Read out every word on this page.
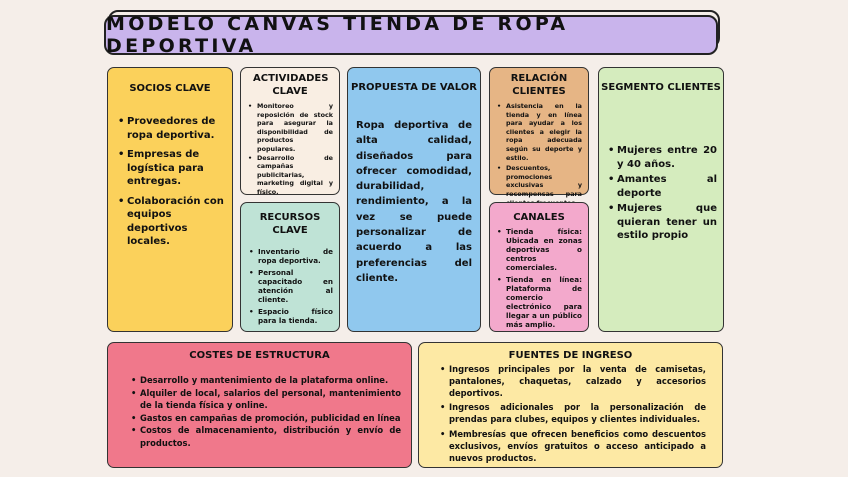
MODELO CANVAS TIENDA DE ROPA DEPORTIVA
SOCIOS CLAVE
• Proveedores de ropa deportiva.
• Empresas de logística para entregas.
• Colaboración con equipos deportivos locales.
ACTIVIDADES CLAVE
• Monitoreo y reposición de stock para asegurar la disponibilidad de productos populares.
• Desarrollo de campañas publicitarias, marketing digital y físico.
RECURSOS CLAVE
• Inventario de ropa deportiva.
• Personal capacitado en atención al cliente.
• Espacio físico para la tienda.
PROPUESTA DE VALOR

Ropa deportiva de alta calidad, diseñados para ofrecer comodidad, durabilidad, rendimiento, a la vez se puede personalizar de acuerdo a las preferencias del cliente.

RELACIÓN CLIENTES
• Asistencia en la tienda y en línea para ayudar a los clientes a elegir la ropa adecuada según su deporte y estilo.
• Descuentos, promociones exclusivas y recompensas para
CANALES
• Tienda física: Ubicada en zonas deportivas o centros comerciales.
• Tienda en línea: Plataforma de comercio electrónico para llegar a un público más amplio.
SEGMENTO CLIENTES
• Mujeres entre 20 y 40 años.
• Amantes al deporte
• Mujeres que quieran tener un estilo propio
COSTES DE ESTRUCTURA
• Desarrollo y mantenimiento de la plataforma online.
• Alquiler de local, salarios del personal, mantenimiento de la tienda física y online.
• Gastos en campañas de promoción, publicidad en línea
• Costos de almacenamiento, distribución y envío de productos.
FUENTES DE INGRESO
• Ingresos principales por la venta de camisetas, pantalones, chaquetas, calzado y accesorios deportivos.
• Ingresos adicionales por la personalización de prendas para clubes, equipos y clientes individuales.
• Membresías que ofrecen beneficios como descuentos exclusivos, envíos gratuitos o acceso anticipado a nuevos productos.
